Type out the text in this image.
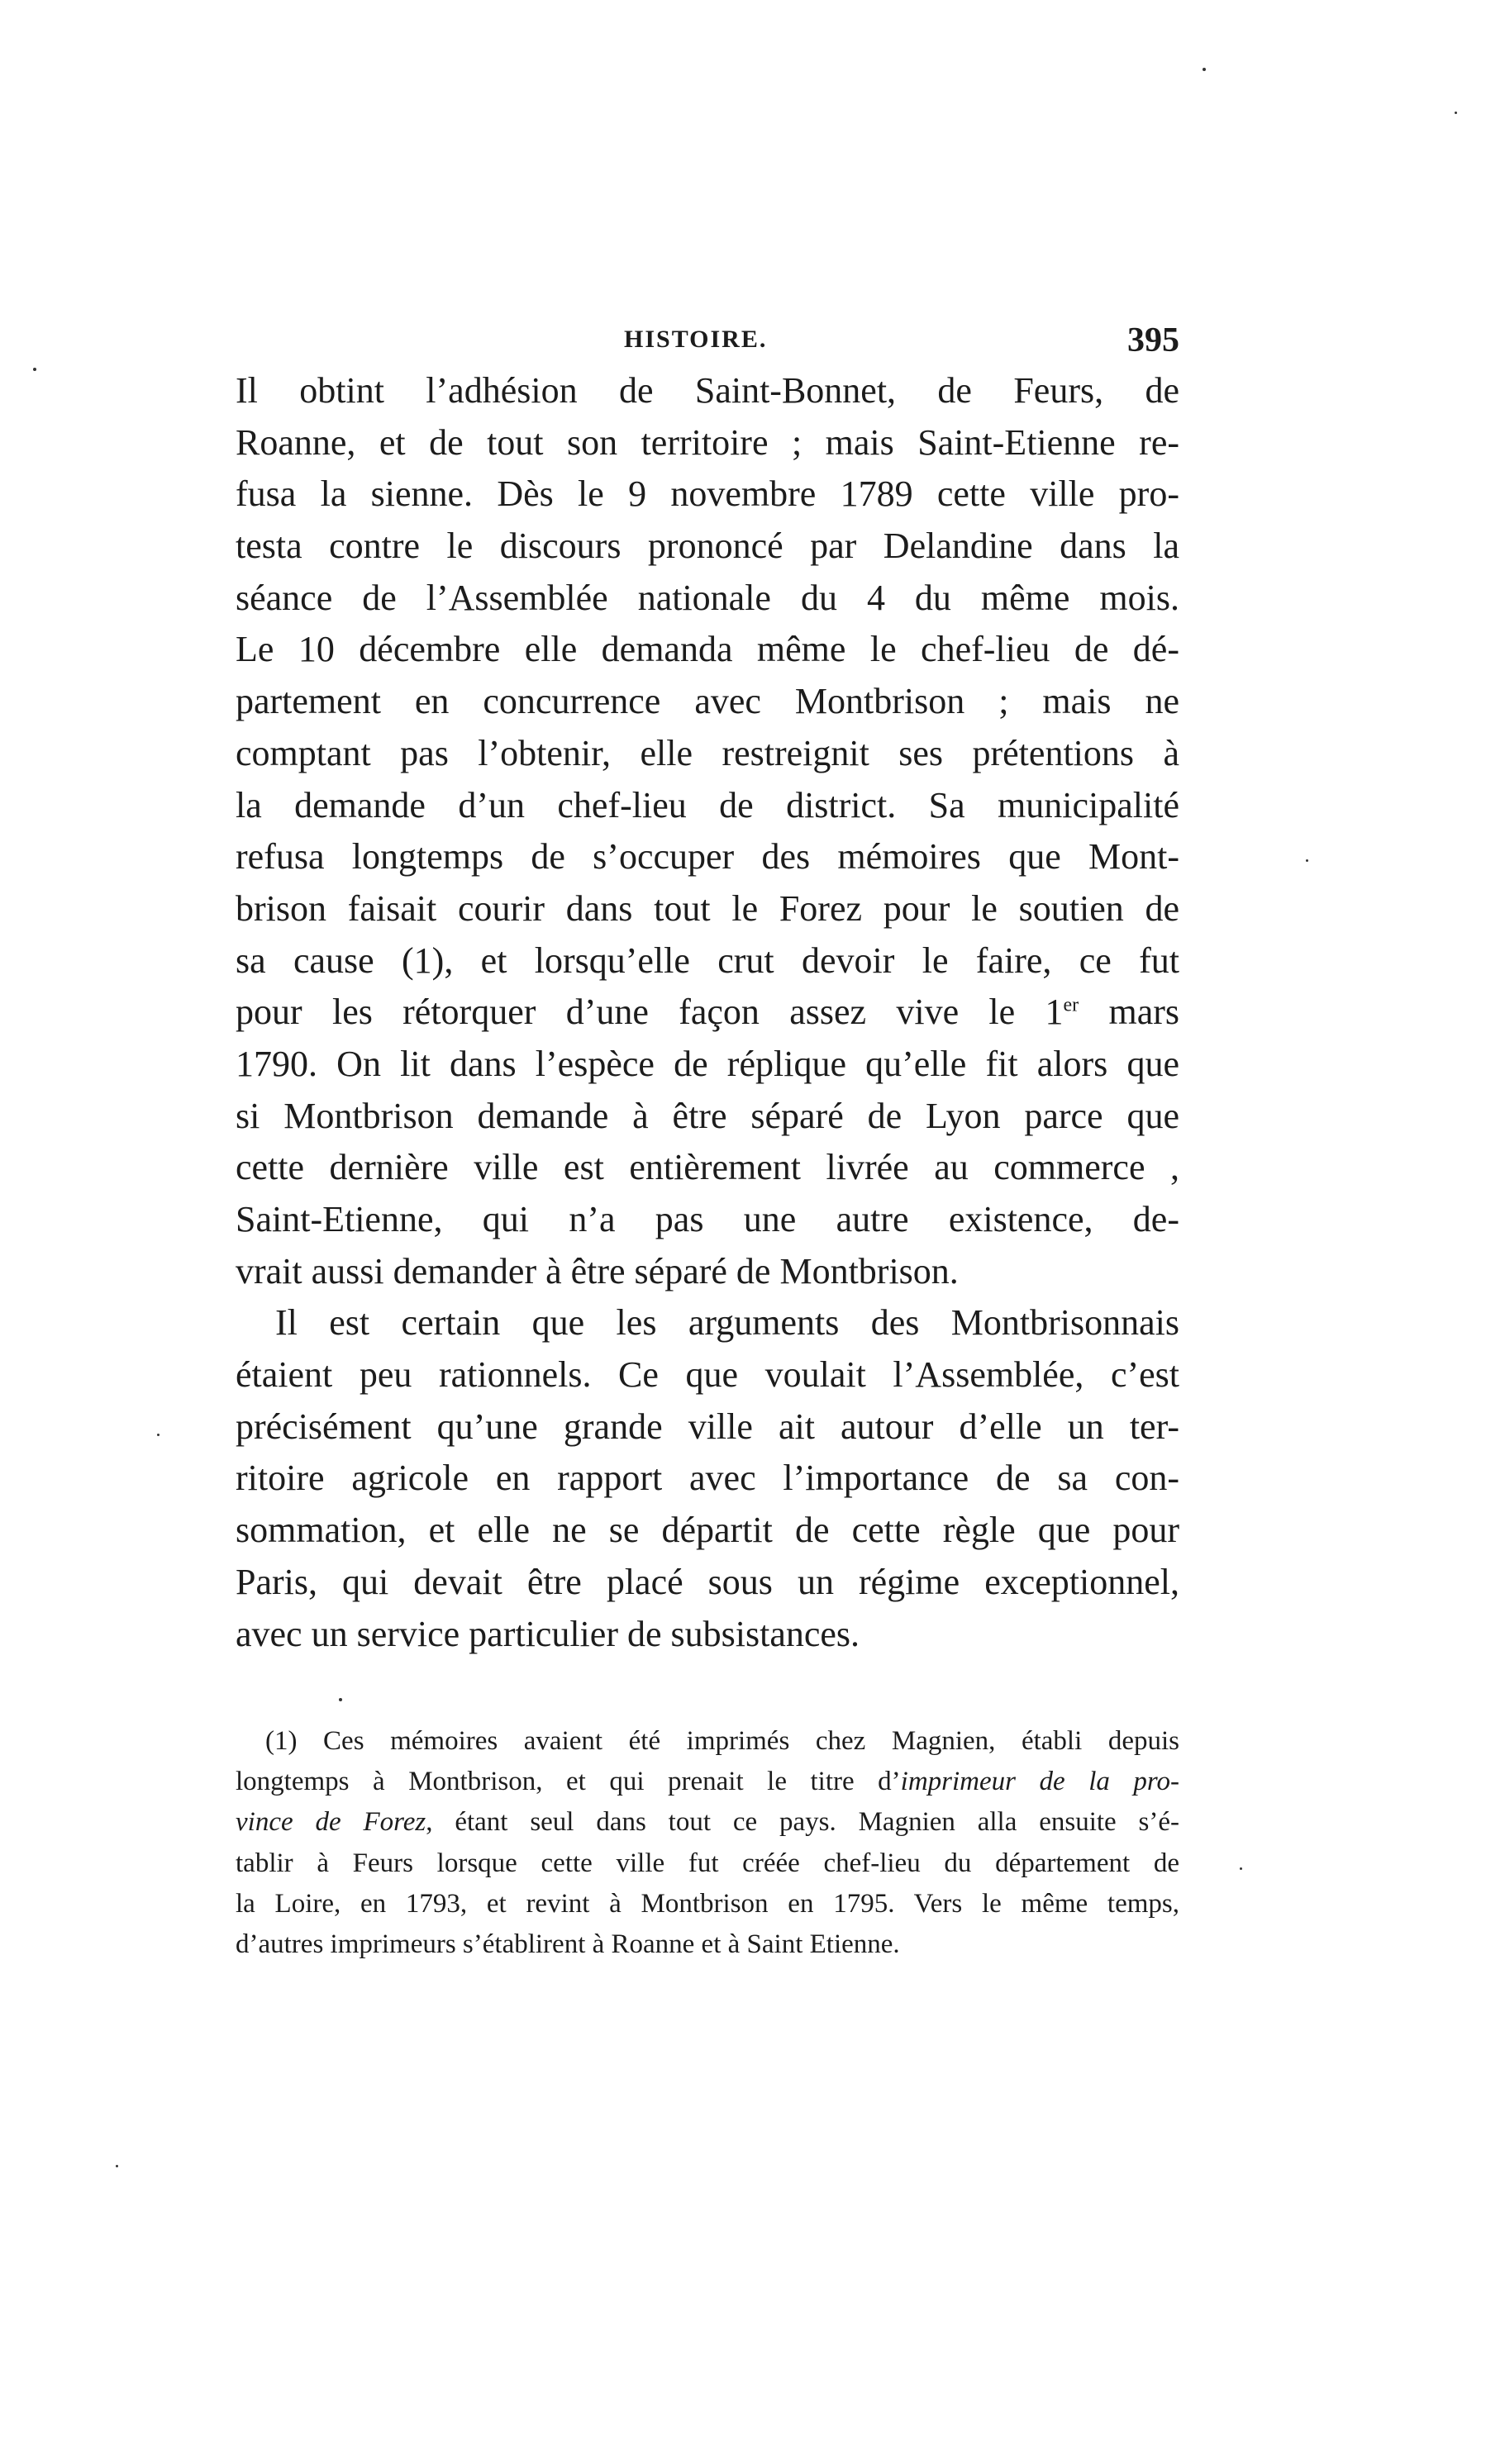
HISTOIRE.	395
Il obtint l’adhésion de Saint-Bonnet, de Feurs, de
Roanne, et de tout son territoire ; mais Saint-Etienne re-
fusa la sienne. Dès le 9 novembre 1789 cette ville pro-
testa contre le discours prononcé par Delandine dans la
séance de l’Assemblée nationale du 4 du même mois.
Le 10 décembre elle demanda même le chef-lieu de dé-
partement en concurrence avec Montbrison ; mais ne
comptant pas l’obtenir, elle restreignit ses prétentions à
la demande d’un chef-lieu de district. Sa municipalité
refusa longtemps de s’occuper des mémoires que Mont-
brison faisait courir dans tout le Forez pour le soutien de
sa cause (1), et lorsqu’elle crut devoir le faire, ce fut
pour les rétorquer d’une façon assez vive le 1er mars
1790. On lit dans l’espèce de réplique qu’elle fit alors que
si Montbrison demande à être séparé de Lyon parce que
cette dernière ville est entièrement livrée au commerce ,
Saint-Etienne, qui n’a pas une autre existence, de-
vrait aussi demander à être séparé de Montbrison.
Il est certain que les arguments des Montbrisonnais
étaient peu rationnels. Ce que voulait l’Assemblée, c’est
précisément qu’une grande ville ait autour d’elle un ter-
ritoire agricole en rapport avec l’importance de sa con-
sommation, et elle ne se départit de cette règle que pour
Paris, qui devait être placé sous un régime exceptionnel,
avec un service particulier de subsistances.
(1) Ces mémoires avaient été imprimés chez Magnien, établi depuis
longtemps à Montbrison, et qui prenait le titre d’imprimeur de la pro-
vince de Forez, étant seul dans tout ce pays. Magnien alla ensuite s’é-
tablir à Feurs lorsque cette ville fut créée chef-lieu du département de
la Loire, en 1793, et revint à Montbrison en 1795. Vers le même temps,
d’autres imprimeurs s’établirent à Roanne et à Saint Etienne.
